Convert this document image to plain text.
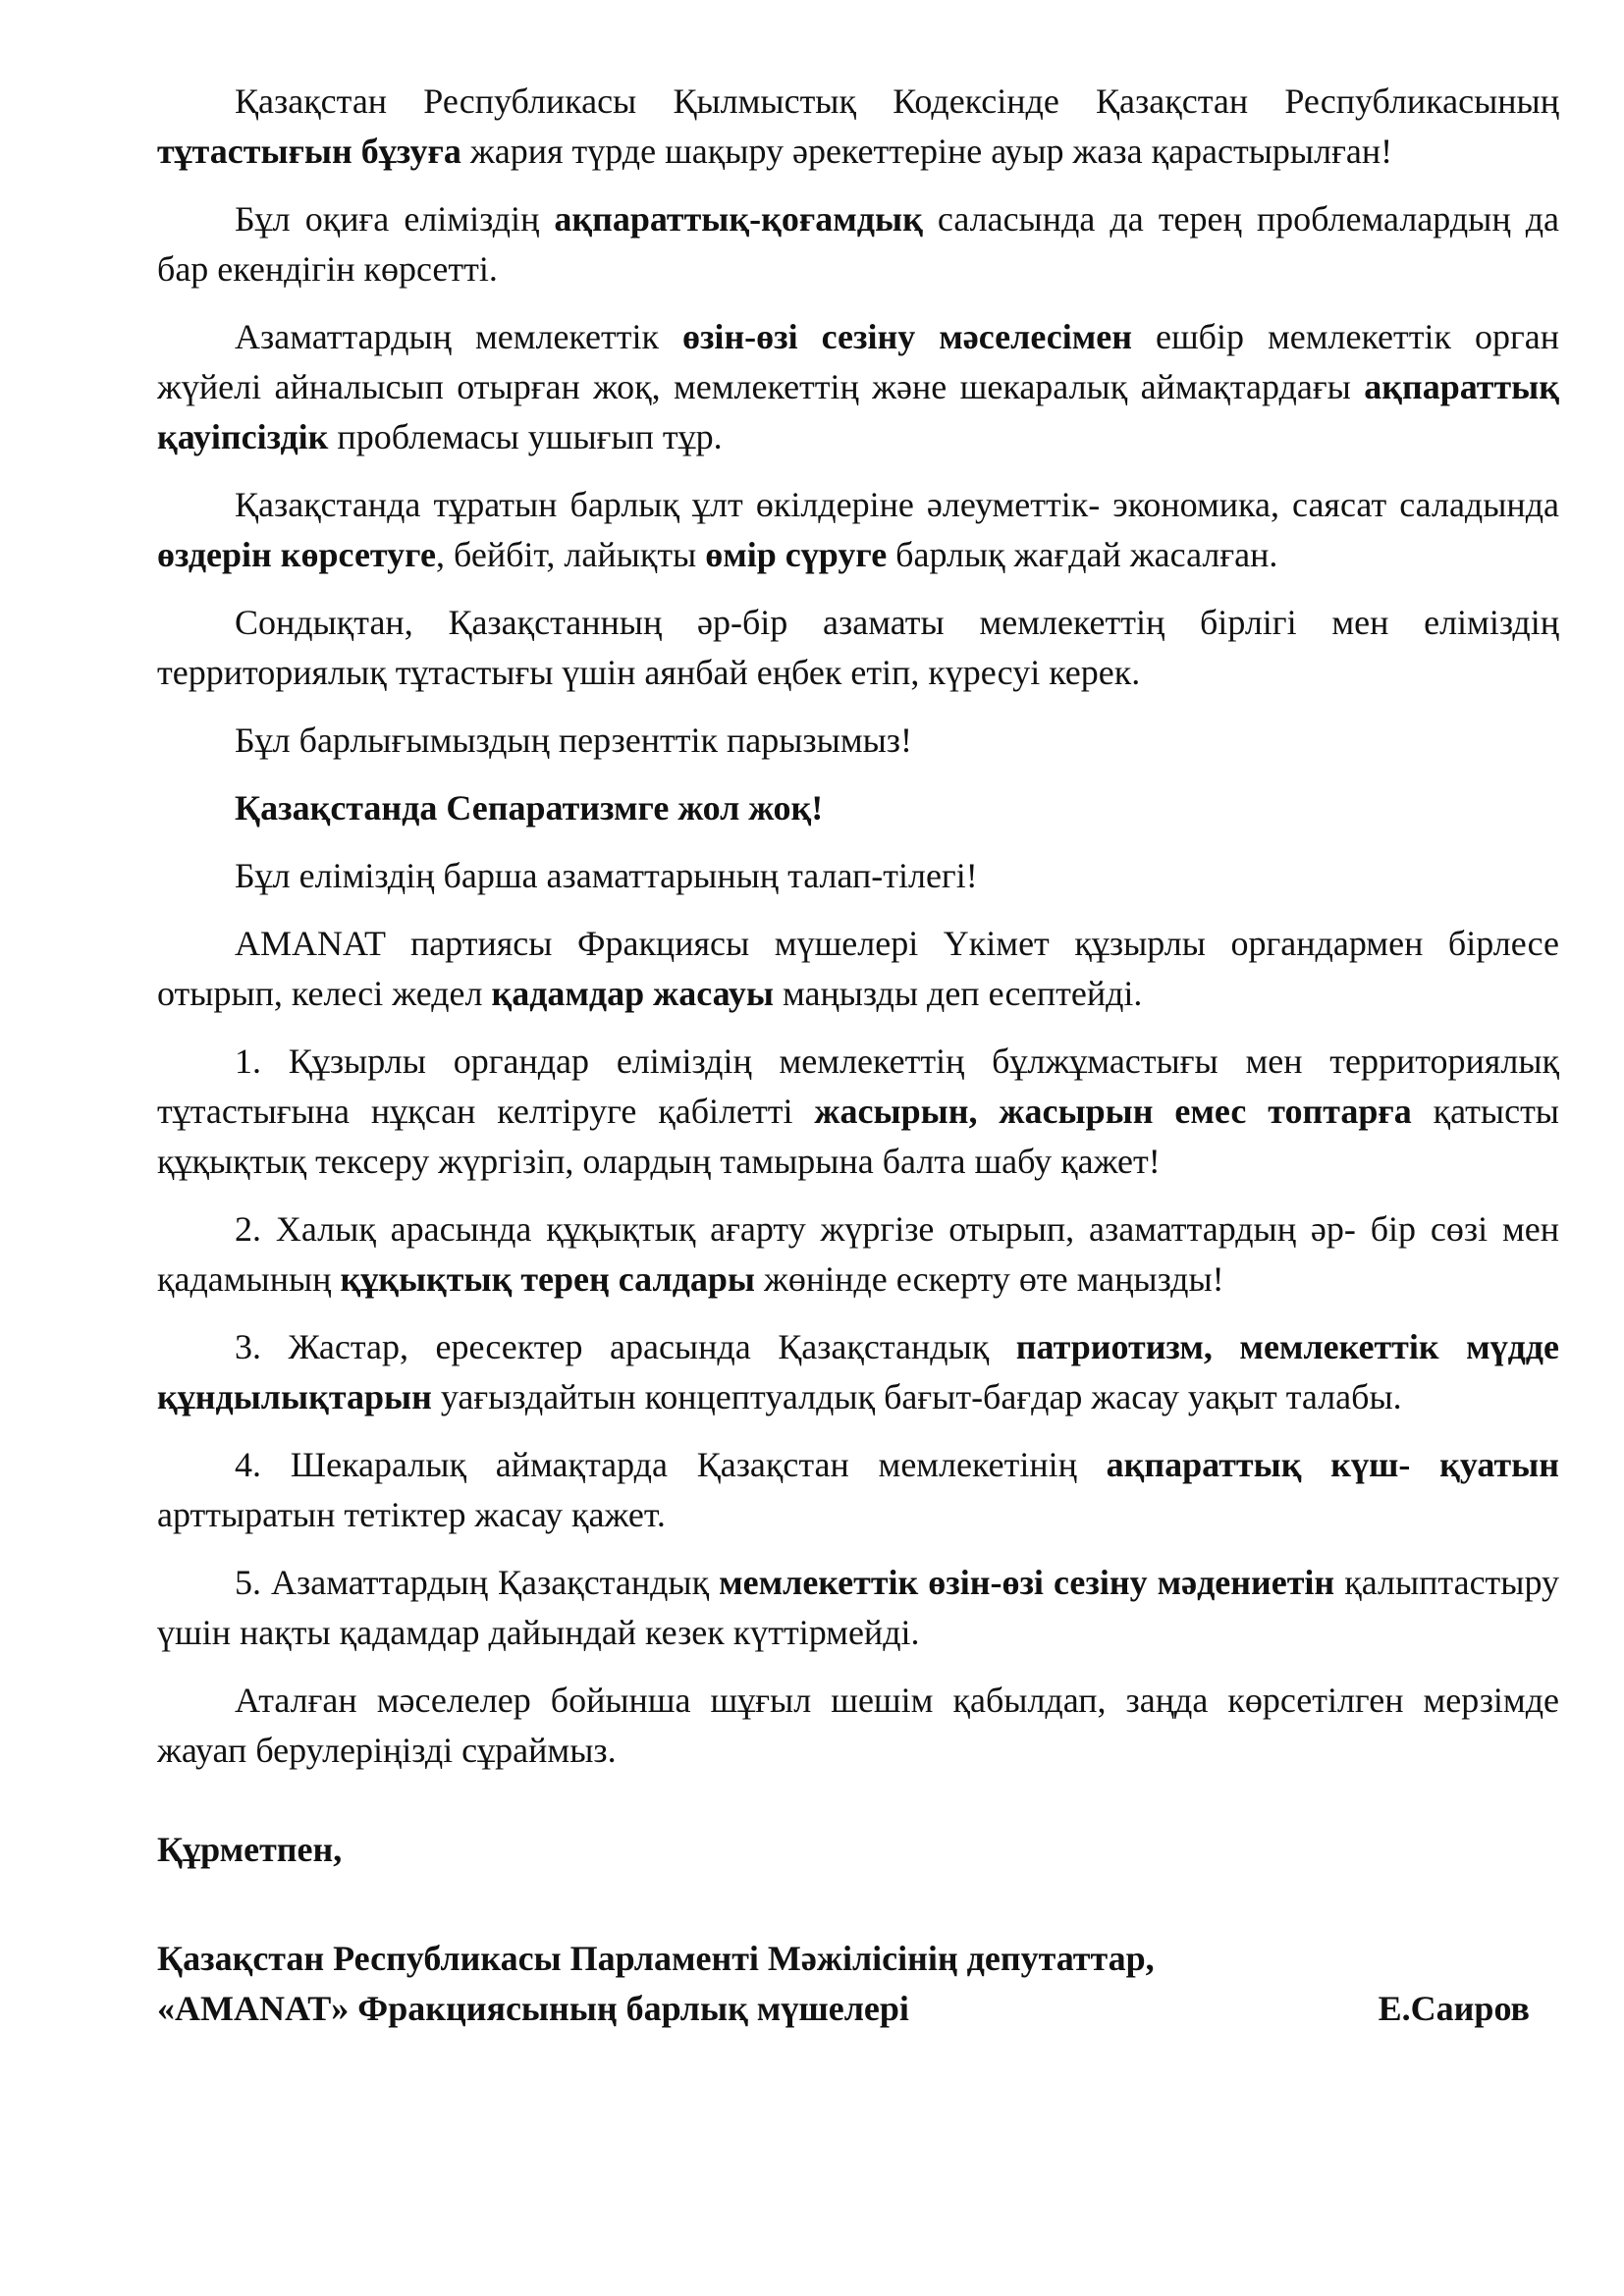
Қазақстан Республикасы Қылмыстық Кодексінде Қазақстан Республикасының тұтастығын бұзуға жария түрде шақыру әрекеттеріне ауыр жаза қарастырылған!

Бұл оқиға еліміздің ақпараттық-қоғамдық саласында да терең проблемалардың да бар екендігін көрсетті.

Азаматтардың мемлекеттік өзін-өзі сезіну мәселесімен ешбір мемлекеттік орган жүйелі айналысып отырған жоқ, мемлекеттің және шекаралық аймақтардағы ақпараттық қауіпсіздік проблемасы ушығып тұр.

Қазақстанда тұратын барлық ұлт өкілдеріне әлеуметтік- экономика, саясат саладында өздерін көрсетуге, бейбіт, лайықты өмір сүруге барлық жағдай жасалған.

Сондықтан, Қазақстанның әр-бір азаматы мемлекеттің бірлігі мен еліміздің территориялық тұтастығы үшін аянбай еңбек етіп, күресуі керек.

Бұл барлығымыздың перзенттік парызымыз!

Қазақстанда Сепаратизмге жол жоқ!

Бұл еліміздің барша азаматтарының талап-тілегі!

AMANAT партиясы Фракциясы мүшелері Үкімет құзырлы органдармен бірлесе отырып, келесі жедел қадамдар жасауы маңызды деп есептейді.

1. Құзырлы органдар еліміздің мемлекеттің бұлжұмастығы мен территориялық тұтастығына нұқсан келтіруге қабілетті жасырын, жасырын емес топтарға қатысты құқықтық тексеру жүргізіп, олардың тамырына балта шабу қажет!

2. Халық арасында құқықтық ағарту жүргізе отырып, азаматтардың әр- бір сөзі мен қадамының құқықтық терең салдары жөнінде ескерту өте маңызды!

3. Жастар, ересектер арасында Қазақстандық патриотизм, мемлекеттік мүдде құндылықтарын уағыздайтын концептуалдық бағыт-бағдар жасау уақыт талабы.

4. Шекаралық аймақтарда Қазақстан мемлекетінің ақпараттық күш- қуатын арттыратын тетіктер жасау қажет.

5. Азаматтардың Қазақстандық мемлекеттік өзін-өзі сезіну мәдениетін қалыптастыру үшін нақты қадамдар дайындай кезек күттірмейді.

Аталған мәселелер бойынша шұғыл шешім қабылдап, заңда көрсетілген мерзімде жауап берулеріңізді сұраймыз.

Құрметпен,

Қазақстан Республикасы Парламенті Мәжілісінің депутаттар,
«AMANAT» Фракциясының барлық мүшелері	Е.Саиров
